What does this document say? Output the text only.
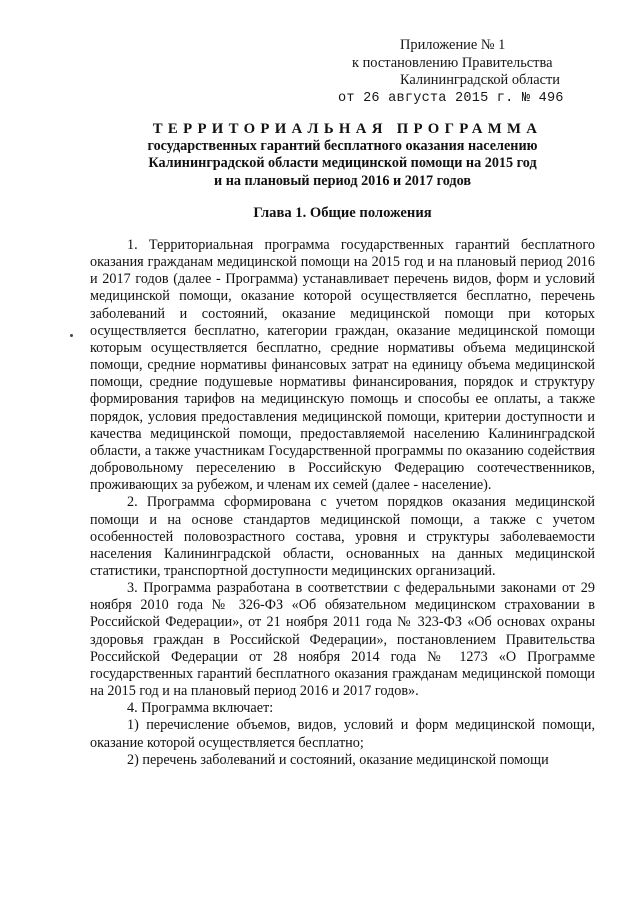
Приложение № 1
к постановлению Правительства
Калининградской области
от 26 августа 2015 г. № 496
ТЕРРИТОРИАЛЬНАЯ ПРОГРАММА
государственных гарантий бесплатного оказания населению
Калининградской области медицинской помощи на 2015 год
и на плановый период 2016 и 2017 годов
Глава 1. Общие положения

1. Территориальная программа государственных гарантий бесплатного оказания гражданам медицинской помощи на 2015 год и на плановый период 2016 и 2017 годов (далее - Программа) устанавливает перечень видов, форм и условий медицинской помощи, оказание которой осуществляется бесплатно, перечень заболеваний и состояний, оказание медицинской помощи при которых осуществляется бесплатно, категории граждан, оказание медицинской помощи которым осуществляется бесплатно, средние нормативы объема медицинской помощи, средние нормативы финансовых затрат на единицу объема медицинской помощи, средние подушевые нормативы финансирования, порядок и структуру формирования тарифов на медицинскую помощь и способы ее оплаты, а также порядок, условия предоставления медицинской помощи, критерии доступности и качества медицинской помощи, предоставляемой населению Калининградской области, а также участникам Государственной программы по оказанию содействия добровольному переселению в Российскую Федерацию соотечественников, проживающих за рубежом, и членам их семей (далее - население).

2. Программа сформирована с учетом порядков оказания медицинской помощи и на основе стандартов медицинской помощи, а также с учетом особенностей половозрастного состава, уровня и структуры заболеваемости населения Калининградской области, основанных на данных медицинской статистики, транспортной доступности медицинских организаций.

3. Программа разработана в соответствии с федеральными законами от 29 ноября 2010 года № 326-ФЗ «Об обязательном медицинском страховании в Российской Федерации», от 21 ноября 2011 года № 323-ФЗ «Об основах охраны здоровья граждан в Российской Федерации», постановлением Правительства Российской Федерации от 28 ноября 2014 года № 1273 «О Программе государственных гарантий бесплатного оказания гражданам медицинской помощи на 2015 год и на плановый период 2016 и 2017 годов».

4. Программа включает:

1) перечисление объемов, видов, условий и форм медицинской помощи, оказание которой осуществляется бесплатно;

2) перечень заболеваний и состояний, оказание медицинской помощи
